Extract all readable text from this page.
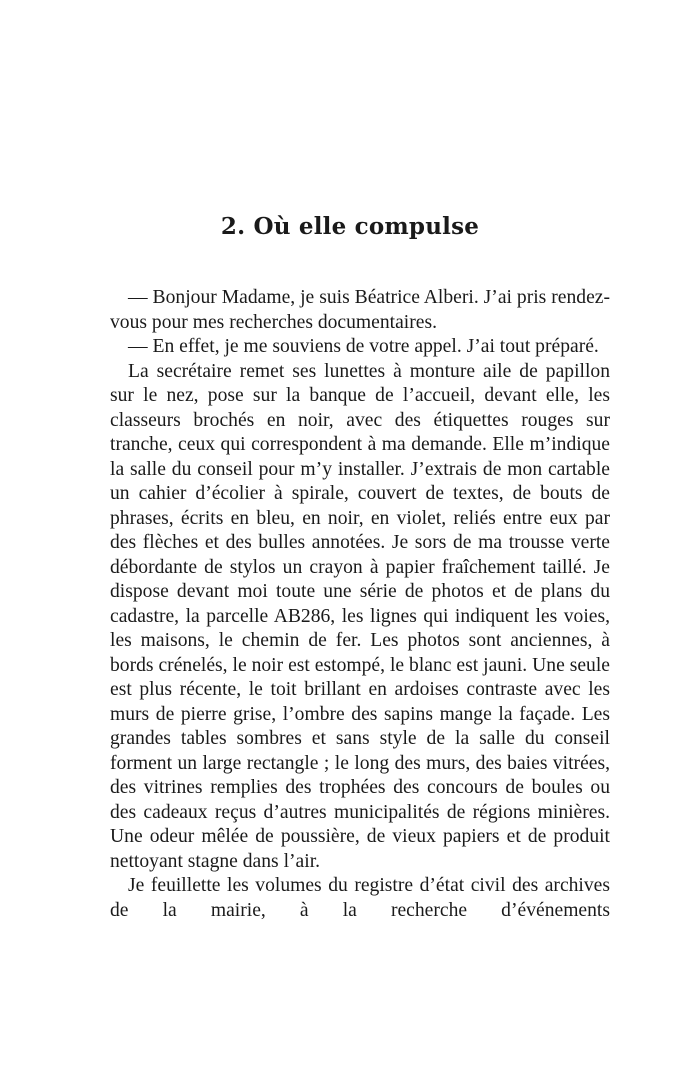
2. Où elle compulse

— Bonjour Madame, je suis Béatrice Alberi. J’ai pris rendez-vous pour mes recherches documentaires.

— En effet, je me souviens de votre appel. J’ai tout préparé.

La secrétaire remet ses lunettes à monture aile de papillon sur le nez, pose sur la banque de l’accueil, devant elle, les classeurs brochés en noir, avec des étiquettes rouges sur tranche, ceux qui correspondent à ma demande. Elle m’indique la salle du conseil pour m’y installer. J’extrais de mon cartable un cahier d’écolier à spirale, couvert de textes, de bouts de phrases, écrits en bleu, en noir, en violet, reliés entre eux par des flèches et des bulles annotées. Je sors de ma trousse verte débordante de stylos un crayon à papier fraîchement taillé. Je dispose devant moi toute une série de photos et de plans du cadastre, la parcelle AB286, les lignes qui indiquent les voies, les maisons, le chemin de fer. Les photos sont anciennes, à bords crénelés, le noir est estompé, le blanc est jauni. Une seule est plus récente, le toit brillant en ardoises contraste avec les murs de pierre grise, l’ombre des sapins mange la façade. Les grandes tables sombres et sans style de la salle du conseil forment un large rectangle ; le long des murs, des baies vitrées, des vitrines remplies des trophées des concours de boules ou des cadeaux reçus d’autres municipalités de régions minières. Une odeur mêlée de poussière, de vieux papiers et de produit nettoyant stagne dans l’air.

Je feuillette les volumes du registre d’état civil des archives de la mairie, à la recherche d’événements
